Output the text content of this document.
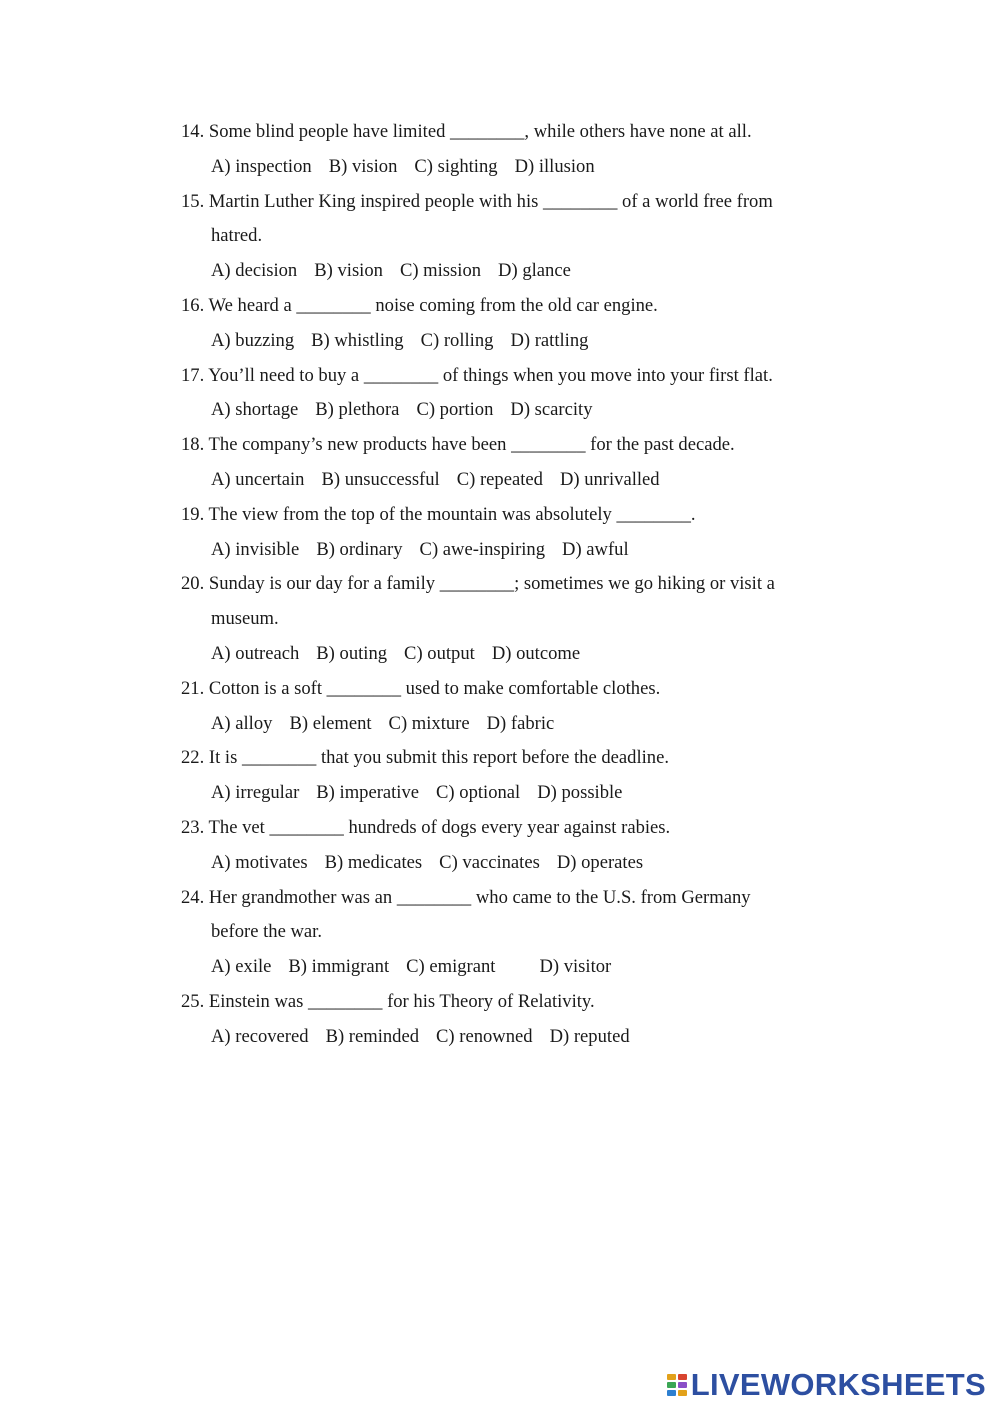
14. Some blind people have limited ________, while others have none at all.
A) inspection B) vision C) sighting D) illusion
15. Martin Luther King inspired people with his ________ of a world free from
hatred.
A) decision B) vision C) mission D) glance
16. We heard a ________ noise coming from the old car engine.
A) buzzing B) whistling C) rolling D) rattling
17. You’ll need to buy a ________ of things when you move into your first flat.
A) shortage B) plethora C) portion D) scarcity
18. The company’s new products have been ________ for the past decade.
A) uncertain B) unsuccessful C) repeated D) unrivalled
19. The view from the top of the mountain was absolutely ________.
A) invisible B) ordinary C) awe-inspiring D) awful
20. Sunday is our day for a family ________; sometimes we go hiking or visit a
museum.
A) outreach B) outing C) output D) outcome
21. Cotton is a soft ________ used to make comfortable clothes.
A) alloy B) element C) mixture D) fabric
22. It is ________ that you submit this report before the deadline.
A) irregular B) imperative C) optional D) possible
23. The vet ________ hundreds of dogs every year against rabies.
A) motivates B) medicates C) vaccinates D) operates
24. Her grandmother was an ________ who came to the U.S. from Germany
before the war.
A) exile B) immigrant C) emigrant D) visitor
25. Einstein was ________ for his Theory of Relativity.
A) recovered B) reminded C) renowned D) reputed
LIVEWORKSHEETS
